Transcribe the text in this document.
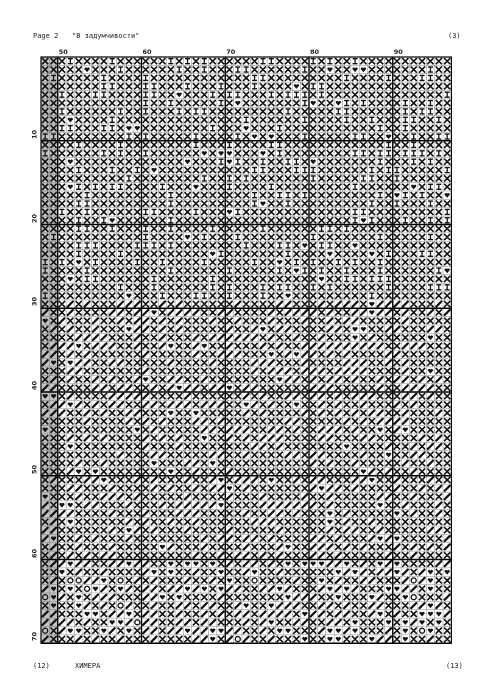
Page 2 "В задумчивости"	(3)
50	60	70	80	90
10
20
30
40
50
60
70
(12)	ХИМЕРА	(13)
